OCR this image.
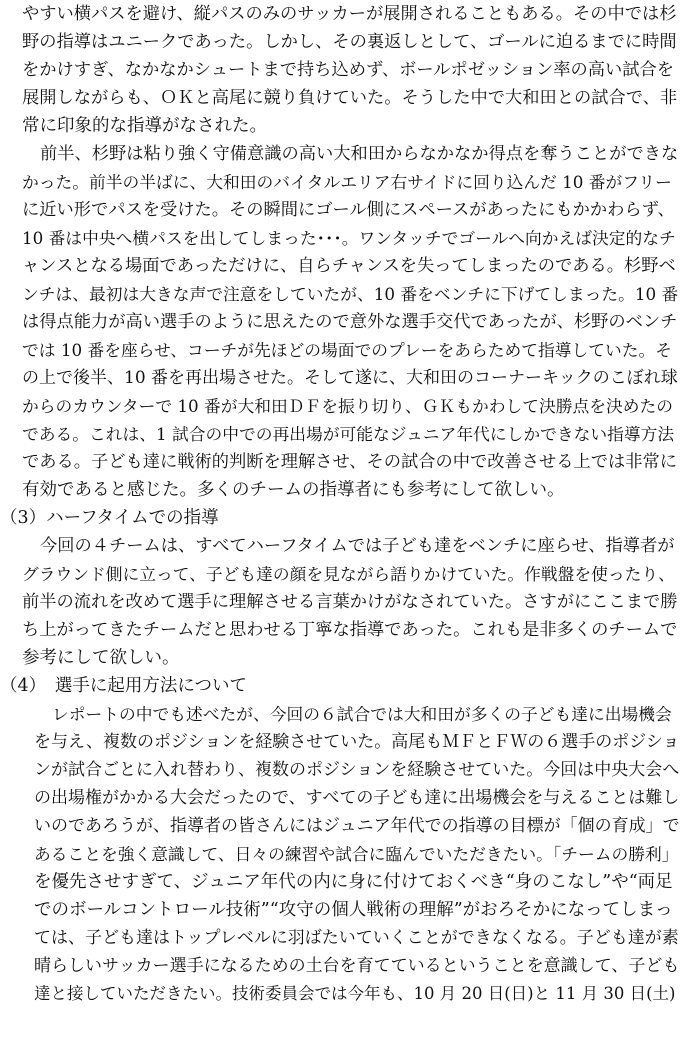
やすい横パスを避け、縦パスのみのサッカーが展開されることもある。その中では杉
野の指導はユニークであった。しかし、その裏返しとして、ゴールに迫るまでに時間
をかけすぎ、なかなかシュートまで持ち込めず、ボールポゼッション率の高い試合を
展開しながらも、ＯＫと高尾に競り負けていた。そうした中で大和田との試合で、非
常に印象的な指導がなされた。
前半、杉野は粘り強く守備意識の高い大和田からなかなか得点を奪うことができな
かった。前半の半ばに、大和田のバイタルエリア右サイドに回り込んだ 10 番がフリー
に近い形でパスを受けた。その瞬間にゴール側にスペースがあったにもかかわらず、
10 番は中央へ横パスを出してしまった･･･。ワンタッチでゴールへ向かえば決定的なチ
ャンスとなる場面であっただけに、自らチャンスを失ってしまったのである。杉野ベ
ンチは、最初は大きな声で注意をしていたが、10 番をベンチに下げてしまった。10 番
は得点能力が高い選手のように思えたので意外な選手交代であったが、杉野のベンチ
では 10 番を座らせ、コーチが先ほどの場面でのプレーをあらためて指導していた。そ
の上で後半、10 番を再出場させた。そして遂に、大和田のコーナーキックのこぼれ球
からのカウンターで 10 番が大和田ＤＦを振り切り、ＧＫもかわして決勝点を決めたの
である。これは、1 試合の中での再出場が可能なジュニア年代にしかできない指導方法
である。子ども達に戦術的判断を理解させ、その試合の中で改善させる上では非常に
有効であると感じた。多くのチームの指導者にも参考にして欲しい。
（3）ハーフタイムでの指導
今回の４チームは、すべてハーフタイムでは子ども達をベンチに座らせ、指導者が
グラウンド側に立って、子ども達の顔を見ながら語りかけていた。作戦盤を使ったり、
前半の流れを改めて選手に理解させる言葉かけがなされていた。さすがにここまで勝
ち上がってきたチームだと思わせる丁寧な指導であった。これも是非多くのチームで
参考にして欲しい。
（4）　選手に起用方法について
レポートの中でも述べたが、今回の６試合では大和田が多くの子ども達に出場機会
を与え、複数のポジションを経験させていた。高尾もＭＦとＦＷの６選手のポジショ
ンが試合ごとに入れ替わり、複数のポジションを経験させていた。今回は中央大会へ
の出場権がかかる大会だったので、すべての子ども達に出場機会を与えることは難し
いのであろうが、指導者の皆さんにはジュニア年代での指導の目標が「個の育成」で
あることを強く意識して、日々の練習や試合に臨んでいただきたい。「チームの勝利」
を優先させすぎて、ジュニア年代の内に身に付けておくべき“身のこなし”や“両足
でのボールコントロール技術”“攻守の個人戦術の理解”がおろそかになってしまっ
ては、子ども達はトップレベルに羽ばたいていくことができなくなる。子ども達が素
晴らしいサッカー選手になるための土台を育てているということを意識して、子ども
達と接していただきたい。技術委員会では今年も、10 月 20 日(日)と 11 月 30 日(土)
